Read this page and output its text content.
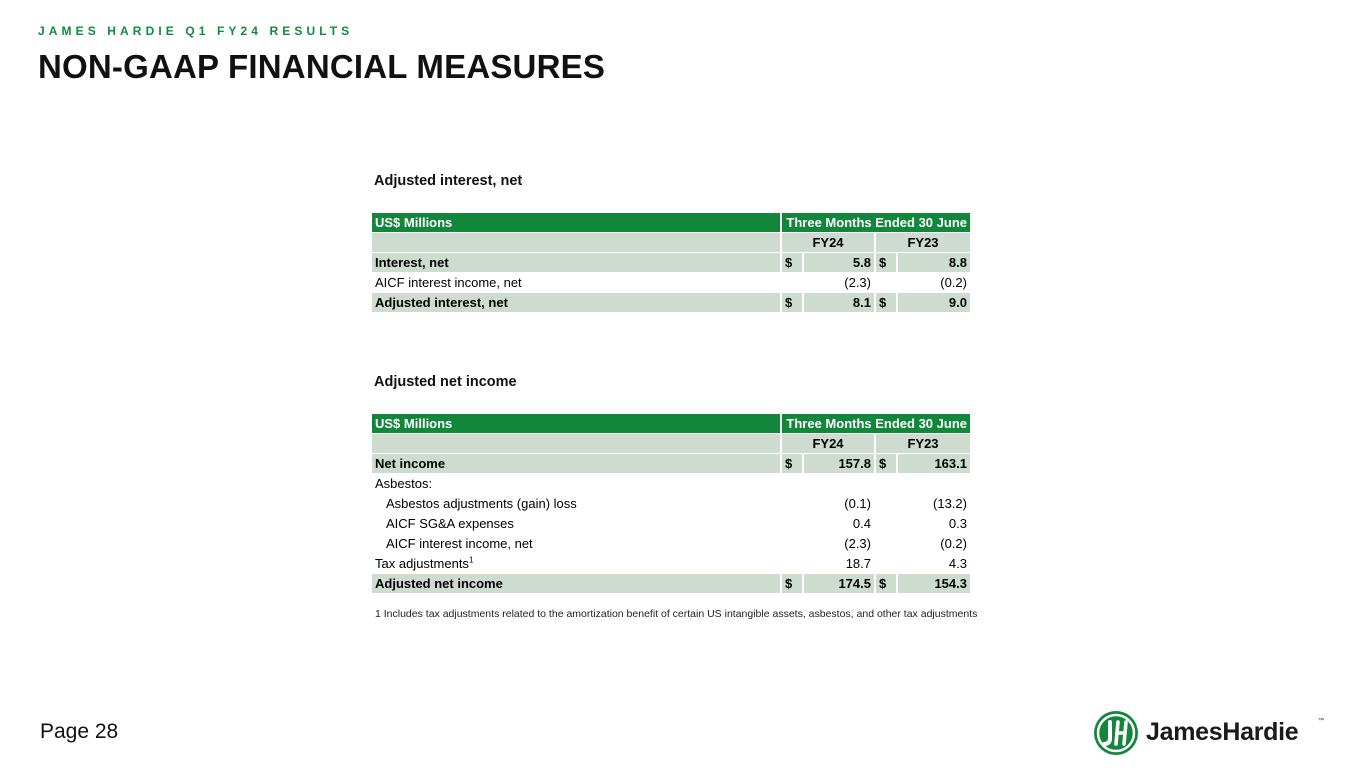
JAMES HARDIE Q1 FY24 RESULTS
NON-GAAP FINANCIAL MEASURES
Adjusted interest, net
US$ Millions	Three Months Ended 30 June			
	FY24		FY23	
Interest, net	$	5.8	$	8.8
AICF interest income, net		(2.3)		(0.2)
Adjusted interest, net	$	8.1	$	9.0
Adjusted net income
US$ Millions	Three Months Ended 30 June			
	FY24		FY23	
Net income	$	157.8	$	163.1
Asbestos:				
Asbestos adjustments (gain) loss		(0.1)		(13.2)
AICF SG&A expenses		0.4		0.3
AICF interest income, net		(2.3)		(0.2)
Tax adjustments$^1$		18.7		4.3
Adjusted net income	$	174.5	$	154.3
1 Includes tax adjustments related to the amortization benefit of certain US intangible assets, asbestos, and other tax adjustments
Page 28	JamesHardie	™
